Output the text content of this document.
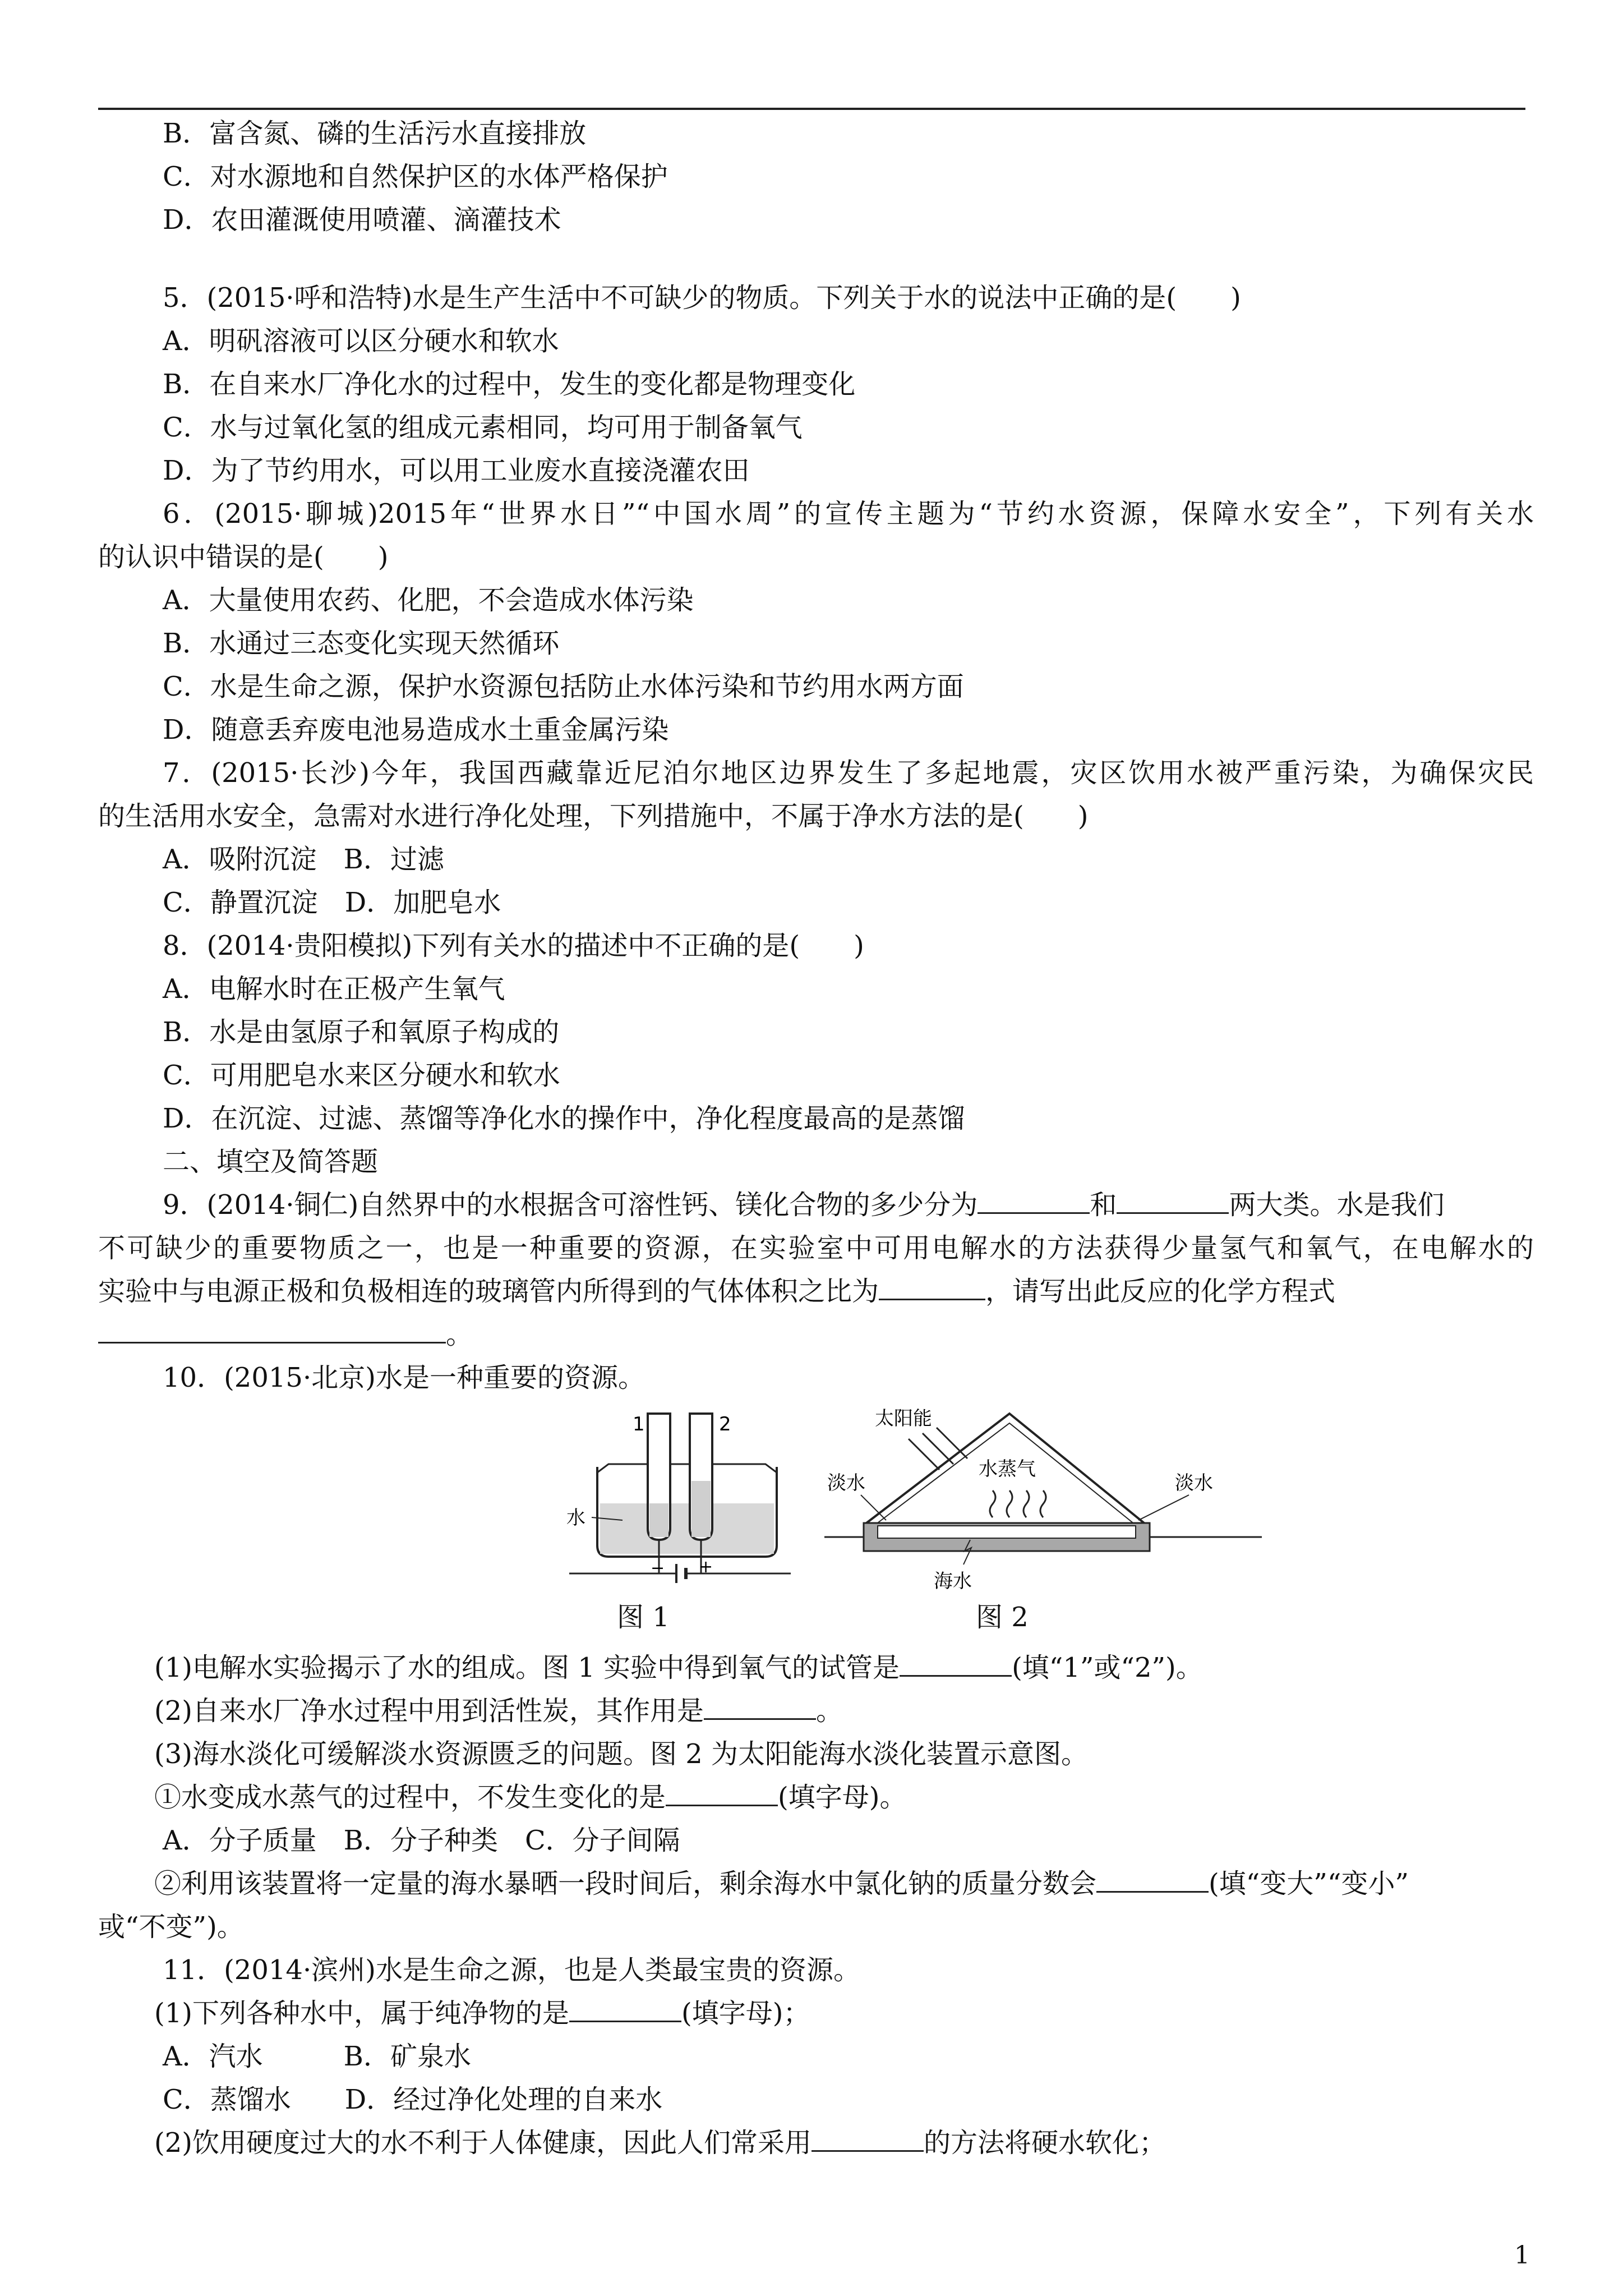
B．富含氮、磷的生活污水直接排放
C．对水源地和自然保护区的水体严格保护
D．农田灌溉使用喷灌、滴灌技术
5．(2015·呼和浩特)水是生产生活中不可缺少的物质。下列关于水的说法中正确的是(　　)
A．明矾溶液可以区分硬水和软水
B．在自来水厂净化水的过程中，发生的变化都是物理变化
C．水与过氧化氢的组成元素相同，均可用于制备氧气
D．为了节约用水，可以用工业废水直接浇灌农田
6．(2015·聊城)2015年“世界水日”“中国水周”的宣传主题为“节约水资源，保障水安全”，下列有关水
的认识中错误的是(　　)
A．大量使用农药、化肥，不会造成水体污染
B．水通过三态变化实现天然循环
C．水是生命之源，保护水资源包括防止水体污染和节约用水两方面
D．随意丢弃废电池易造成水土重金属污染
7．(2015·长沙)今年，我国西藏靠近尼泊尔地区边界发生了多起地震，灾区饮用水被严重污染，为确保灾民
的生活用水安全，急需对水进行净化处理，下列措施中，不属于净水方法的是(　　)
A．吸附沉淀　B．过滤
C．静置沉淀　D．加肥皂水
8．(2014·贵阳模拟)下列有关水的描述中不正确的是(　　)
A．电解水时在正极产生氧气
B．水是由氢原子和氧原子构成的
C．可用肥皂水来区分硬水和软水
D．在沉淀、过滤、蒸馏等净化水的操作中，净化程度最高的是蒸馏
二、填空及简答题
9．(2014·铜仁)自然界中的水根据含可溶性钙、镁化合物的多少分为	和	两大类。水是我们
不可缺少的重要物质之一，也是一种重要的资源，在实验室中可用电解水的方法获得少量氢气和氧气，在电解水的
实验中与电源正极和负极相连的玻璃管内所得到的气体体积之比为	，请写出此反应的化学方程式
。
10．(2015·北京)水是一种重要的资源。
1	2
− +
水
太阳能
水蒸气
淡水	淡水
海水
图 1	图 2
(1)电解水实验揭示了水的组成。图 1 实验中得到氧气的试管是	(填“1”或“2”)。
(2)自来水厂净水过程中用到活性炭，其作用是	。
(3)海水淡化可缓解淡水资源匮乏的问题。图 2 为太阳能海水淡化装置示意图。
①水变成水蒸气的过程中，不发生变化的是	(填字母)。
A．分子质量　B．分子种类　C．分子间隔
②利用该装置将一定量的海水暴晒一段时间后，剩余海水中氯化钠的质量分数会	(填“变大”“变小”
或“不变”)。
11．(2014·滨州)水是生命之源，也是人类最宝贵的资源。
(1)下列各种水中，属于纯净物的是	(填字母)；
A．汽水　　　B．矿泉水
C．蒸馏水　　D．经过净化处理的自来水
(2)饮用硬度过大的水不利于人体健康，因此人们常采用	的方法将硬水软化；
1
